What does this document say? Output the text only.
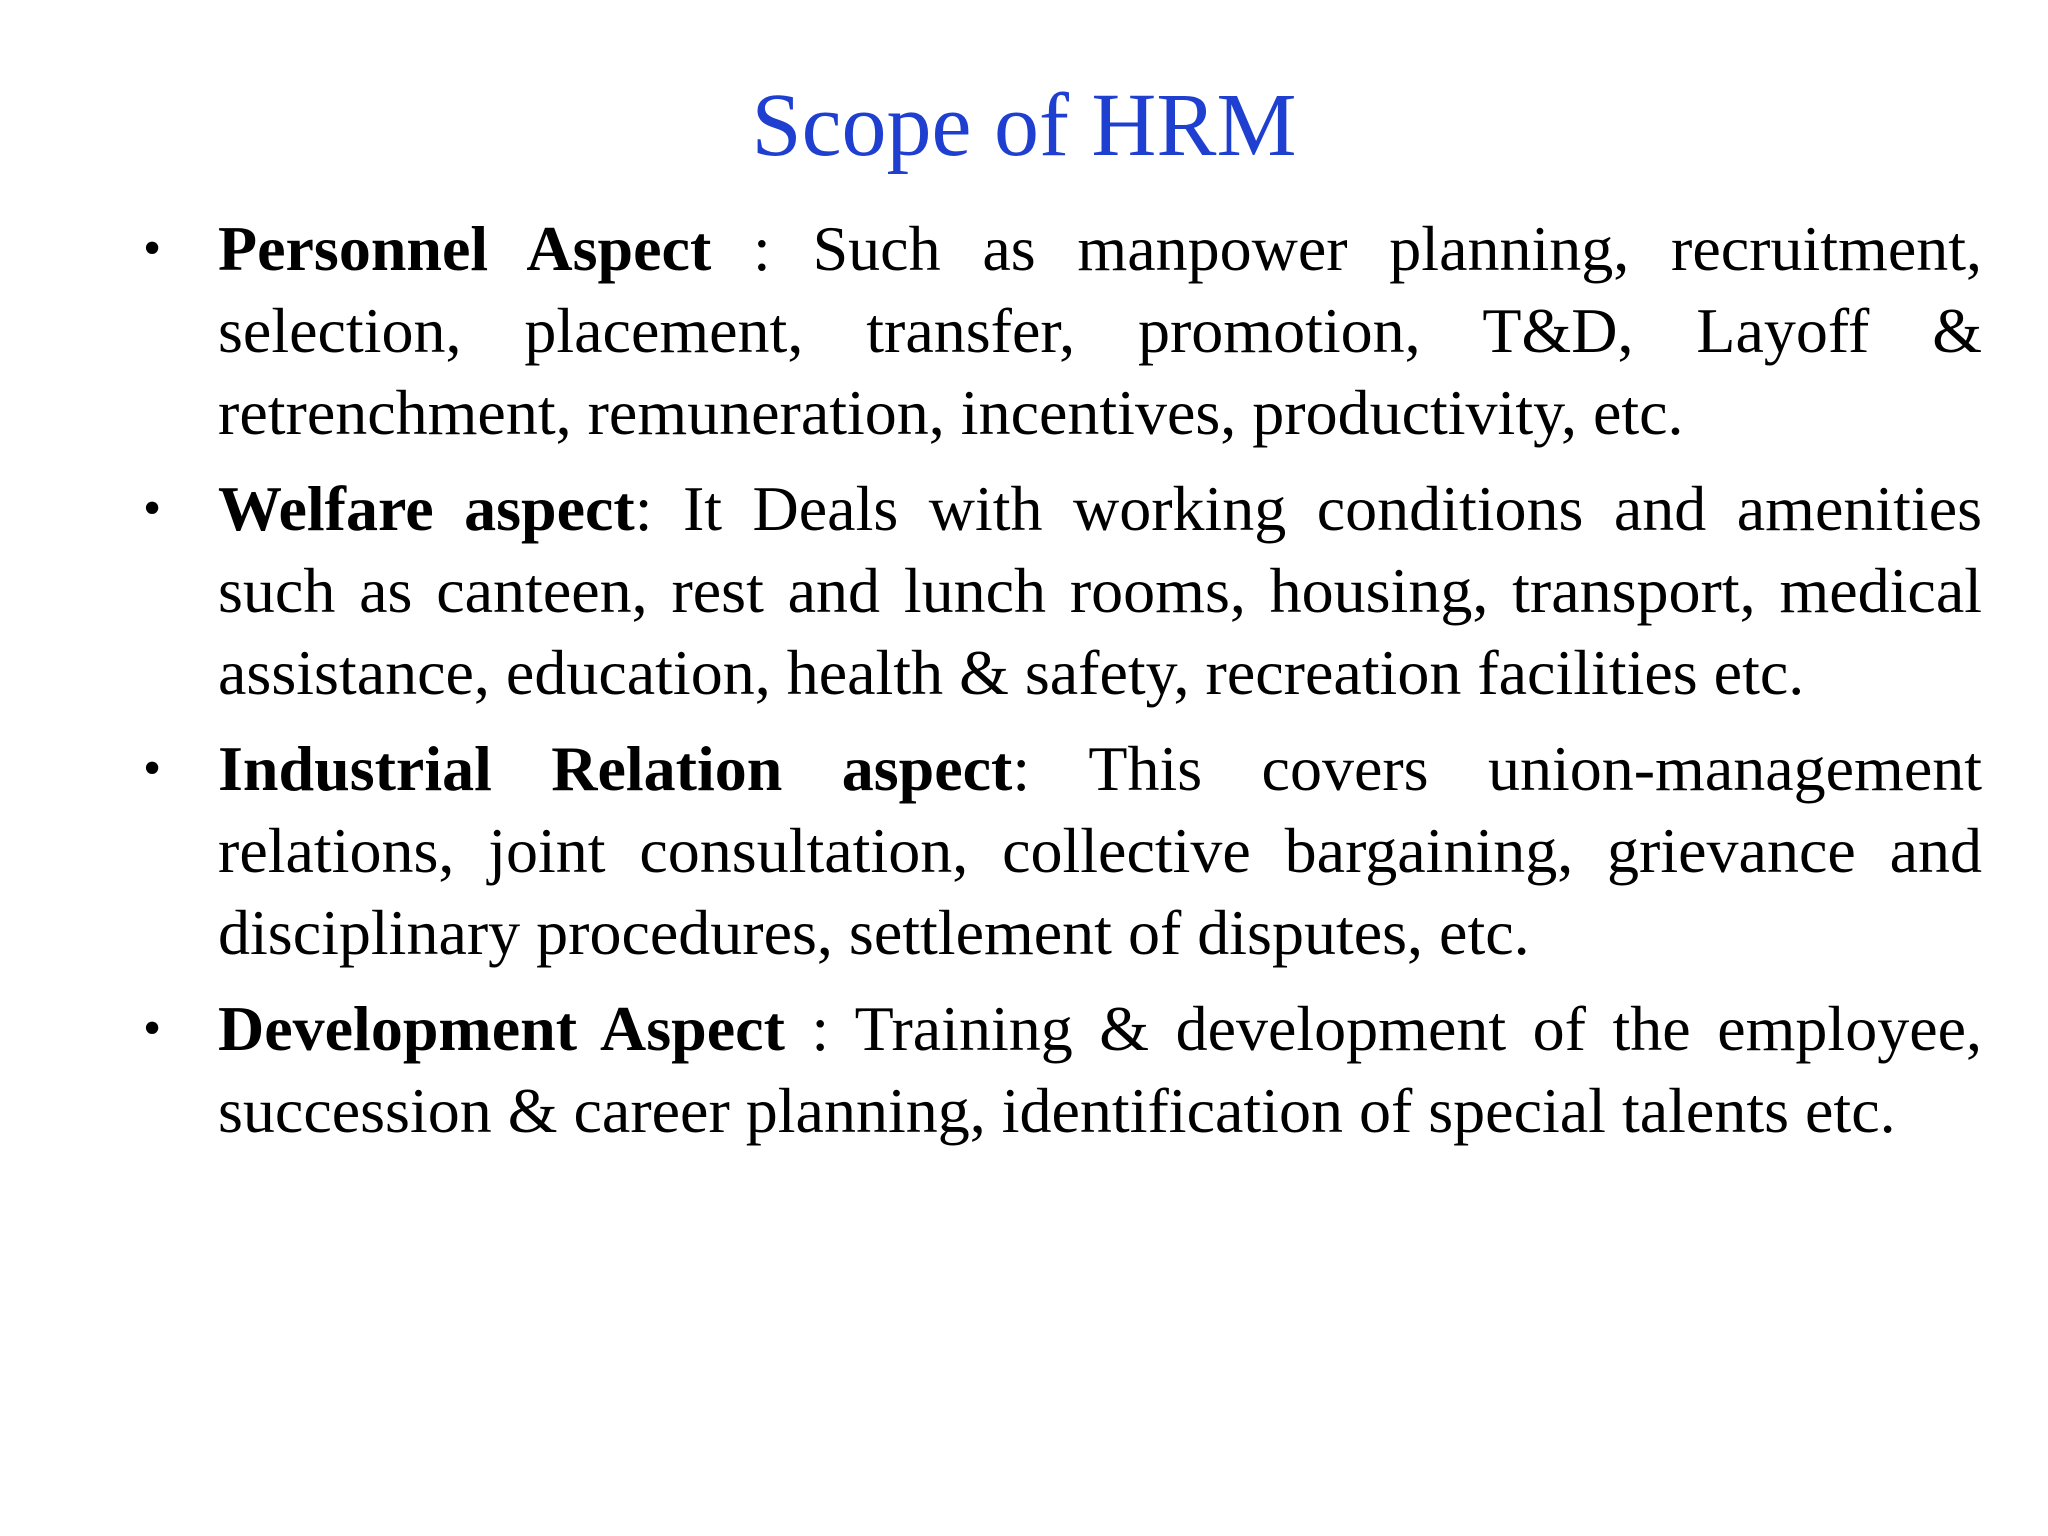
Scope of HRM
• Personnel Aspect : Such as manpower planning, recruitment, selection, placement, transfer, promotion, T&D, Layoff & retrenchment, remuneration, incentives, productivity, etc.
• Welfare aspect: It Deals with working conditions and amenities such as canteen, rest and lunch rooms, housing, transport, medical assistance, education, health & safety, recreation facilities etc.
• Industrial Relation aspect: This covers union-management relations, joint consultation, collective bargaining, grievance and disciplinary procedures, settlement of disputes, etc.
• Development Aspect : Training & development of the employee, succession & career planning, identification of special talents etc.
